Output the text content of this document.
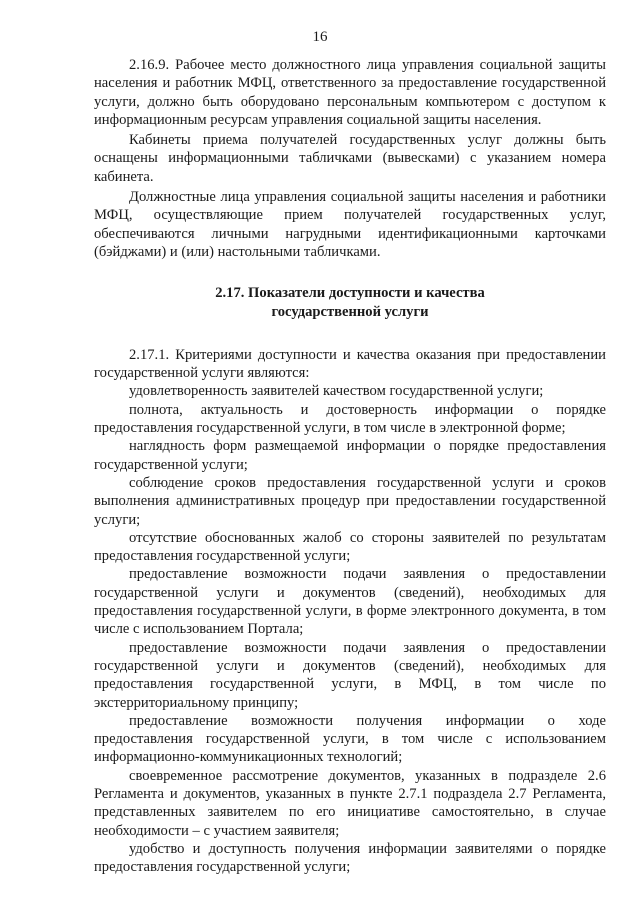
16

2.16.9. Рабочее место должностного лица управления социальной защиты населения и работник МФЦ, ответственного за предоставление государственной услуги, должно быть оборудовано персональным компьютером с доступом к информационным ресурсам управления социальной защиты населения.

Кабинеты приема получателей государственных услуг должны быть оснащены информационными табличками (вывесками) с указанием номера кабинета.

Должностные лица управления социальной защиты населения и работники МФЦ, осуществляющие прием получателей государственных услуг, обеспечиваются личными нагрудными идентификационными карточками (бэйджами) и (или) настольными табличками.

2.17. Показатели доступности и качества

государственной услуги

2.17.1. Критериями доступности и качества оказания при предоставлении государственной услуги являются:

удовлетворенность заявителей качеством государственной услуги;

полнота, актуальность и достоверность информации о порядке предоставления государственной услуги, в том числе в электронной форме;

наглядность форм размещаемой информации о порядке предоставления государственной услуги;

соблюдение сроков предоставления государственной услуги и сроков выполнения административных процедур при предоставлении государственной услуги;

отсутствие обоснованных жалоб со стороны заявителей по результатам предоставления государственной услуги;

предоставление возможности подачи заявления о предоставлении государственной услуги и документов (сведений), необходимых для предоставления государственной услуги, в форме электронного документа, в том числе с использованием Портала;

предоставление возможности подачи заявления о предоставлении государственной услуги и документов (сведений), необходимых для предоставления государственной услуги, в МФЦ, в том числе по экстерриториальному принципу;

предоставление возможности получения информации о ходе предоставления государственной услуги, в том числе с использованием информационно-коммуникационных технологий;

своевременное рассмотрение документов, указанных в подразделе 2.6 Регламента и документов, указанных в пункте 2.7.1 подраздела 2.7 Регламента, представленных заявителем по его инициативе самостоятельно, в случае необходимости – с участием заявителя;

удобство и доступность получения информации заявителями о порядке предоставления государственной услуги;
